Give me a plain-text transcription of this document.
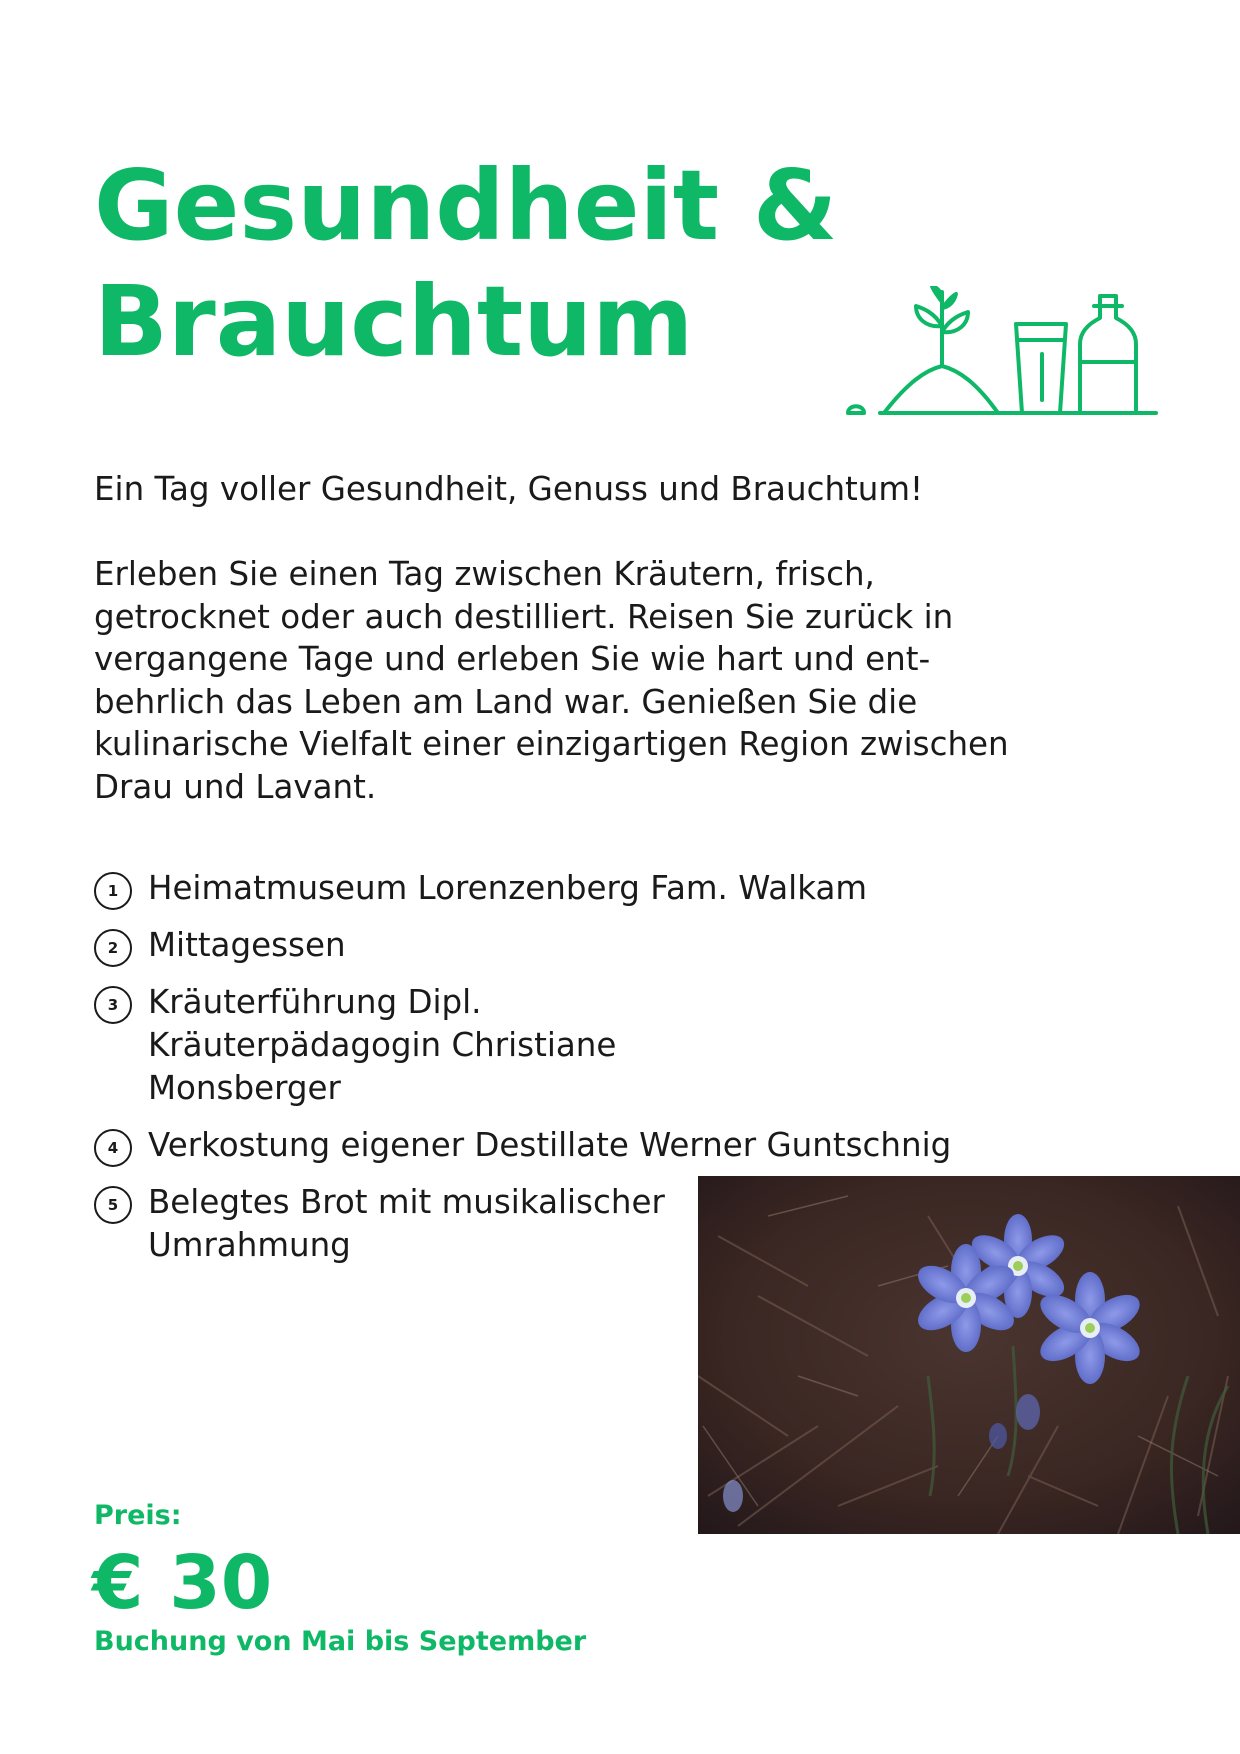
Gesundheit &
Brauchtum

Ein Tag voller Gesundheit, Genuss und Brauchtum!

Erleben Sie einen Tag zwischen Kräutern, frisch,
getrocknet oder auch destilliert. Reisen Sie zurück in
vergangene Tage und erleben Sie wie hart und ent-
behrlich das Leben am Land war. Genießen Sie die
kulinarische Vielfalt einer einzigartigen Region zwischen
Drau und Lavant.

1 Heimatmuseum Lorenzenberg Fam. Walkam
2 Mittagessen
3 Kräuterführung Dipl. Kräuterpädagogin Christiane Monsberger
4 Verkostung eigener Destillate Werner Guntschnig
5 Belegtes Brot mit musikalischer Umrahmung

Preis:

€ 30

Buchung von Mai bis September
